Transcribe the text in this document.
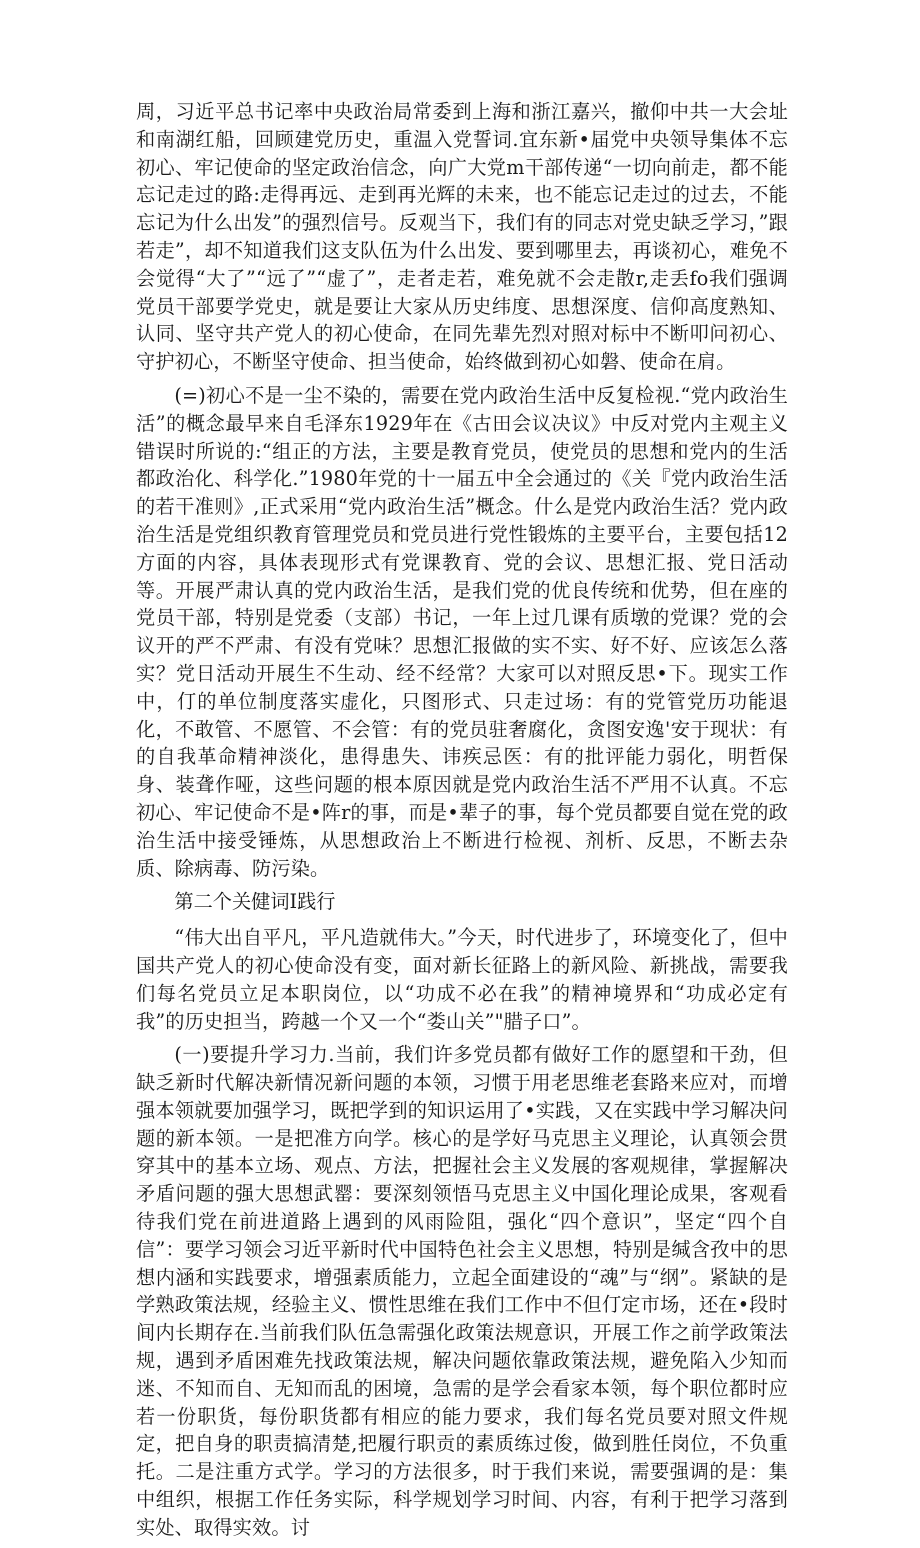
周，习近平总书记率中央政治局常委到上海和浙江嘉兴，撤仰中共一大会址和南湖红船，回顾建党历史，重温入党誓词.宜东新•届党中央领导集体不忘初心、牢记使命的坚定政治信念，向广大党m干部传递“一切向前走，都不能忘记走过的路:走得再远、走到再光辉的未来，也不能忘记走过的过去，不能忘记为什么出发”的强烈信号。反观当下，我们有的同志对党史缺乏学习，”跟若走”，却不知道我们这支队伍为什么出发、要到哪里去，再谈初心，难免不会觉得“大了”“远了”“虚了”，走者走若，难免就不会走散r,走丢fo我们强调党员干部要学党史，就是要让大家从历史纬度、思想深度、信仰高度熟知、认同、坚守共产党人的初心使命，在同先辈先烈对照对标中不断叩问初心、守护初心，不断坚守使命、担当使命，始终做到初心如磐、使命在肩。

(=)初心不是一尘不染的，需要在党内政治生活中反复检视.“党内政治生活”的概念最早来自毛泽东1929年在《古田会议决议》中反对党内主观主义错误时所说的:“组正的方法，主要是教育党员，使党员的思想和党内的生活都政治化、科学化.”1980年党的十一届五中全会通过的《关『党内政治生活的若干准则》,正式采用“党内政治生活”概念。什么是党内政治生活？党内政治生活是党组织教育管理党员和党员进行党性锻炼的主要平台，主要包括12方面的内容，具体表现形式有党课教育、党的会议、思想汇报、党日活动等。开展严肃认真的党内政治生活，是我们党的优良传统和优势，但在座的党员干部，特别是党委（支部）书记，一年上过几课有质墩的党课？党的会议开的严不严肃、有没有党味？思想汇报做的实不实、好不好、应该怎么落实？党日活动开展生不生动、经不经常？大家可以对照反思•下。现实工作中，仃的单位制度落实虚化，只图形式、只走过场：有的党管党历功能退化，不敢管、不愿管、不会管：有的党员驻奢腐化，贪图安逸'安于现状：有的自我革命精神淡化，患得患失、讳疾忌医：有的批评能力弱化，明哲保身、装聋作哑，这些问题的根本原因就是党内政治生活不严用不认真。不忘初心、牢记使命不是•阵r的事，而是•辈子的事，每个党员都要自觉在党的政治生活中接受锤炼，从思想政治上不断进行检视、剂析、反思，不断去杂质、除病毒、防污染。

第二个关健词I践行

“伟大出自平凡，平凡造就伟大。”今天，时代进步了，环境变化了，但中国共产党人的初心使命没有变，面对新长征路上的新风险、新挑战，需要我们每名党员立足本职岗位，以“功成不必在我”的精神境界和“功成必定有我”的历史担当，跨越一个又一个“娄山关”"腊子口”。

(一)要提升学习力.当前，我们许多党员都有做好工作的愿望和干劲，但缺乏新时代解决新情况新问题的本领，习惯于用老思维老套路来应对，而增强本领就要加强学习，既把学到的知识运用了•实践，又在实践中学习解决问题的新本领。一是把准方向学。核心的是学好马克思主义理论，认真领会贯穿其中的基本立场、观点、方法，把握社会主义发展的客观规律，掌握解决矛盾问题的强大思想武罂：要深刻领悟马克思主义中国化理论成果，客观看待我们党在前进道路上遇到的风雨险阻，强化“四个意识”，坚定“四个自信”：要学习领会习近平新时代中国特色社会主义思想，特别是缄含孜中的思想内涵和实践要求，增强素质能力，立起全面建设的“魂”与“纲”。紧缺的是学熟政策法规，经验主义、惯性思维在我们工作中不但仃定市场，还在•段时间内长期存在.当前我们队伍急需强化政策法规意识，开展工作之前学政策法规，遇到矛盾困难先找政策法规，解决问题依靠政策法规，避免陷入少知而迷、不知而自、无知而乱的困境，急需的是学会看家本领，每个职位都时应若一份职货，每份职货都有相应的能力要求，我们每名党员要对照文件规定，把自身的职责搞清楚,把履行职贡的素质练过俊，做到胜任岗位，不负重托。二是注重方式学。学习的方法很多，时于我们来说，需要强调的是：集中组织，根据工作任务实际，科学规划学习时间、内容，有利于把学习落到实处、取得实效。讨
